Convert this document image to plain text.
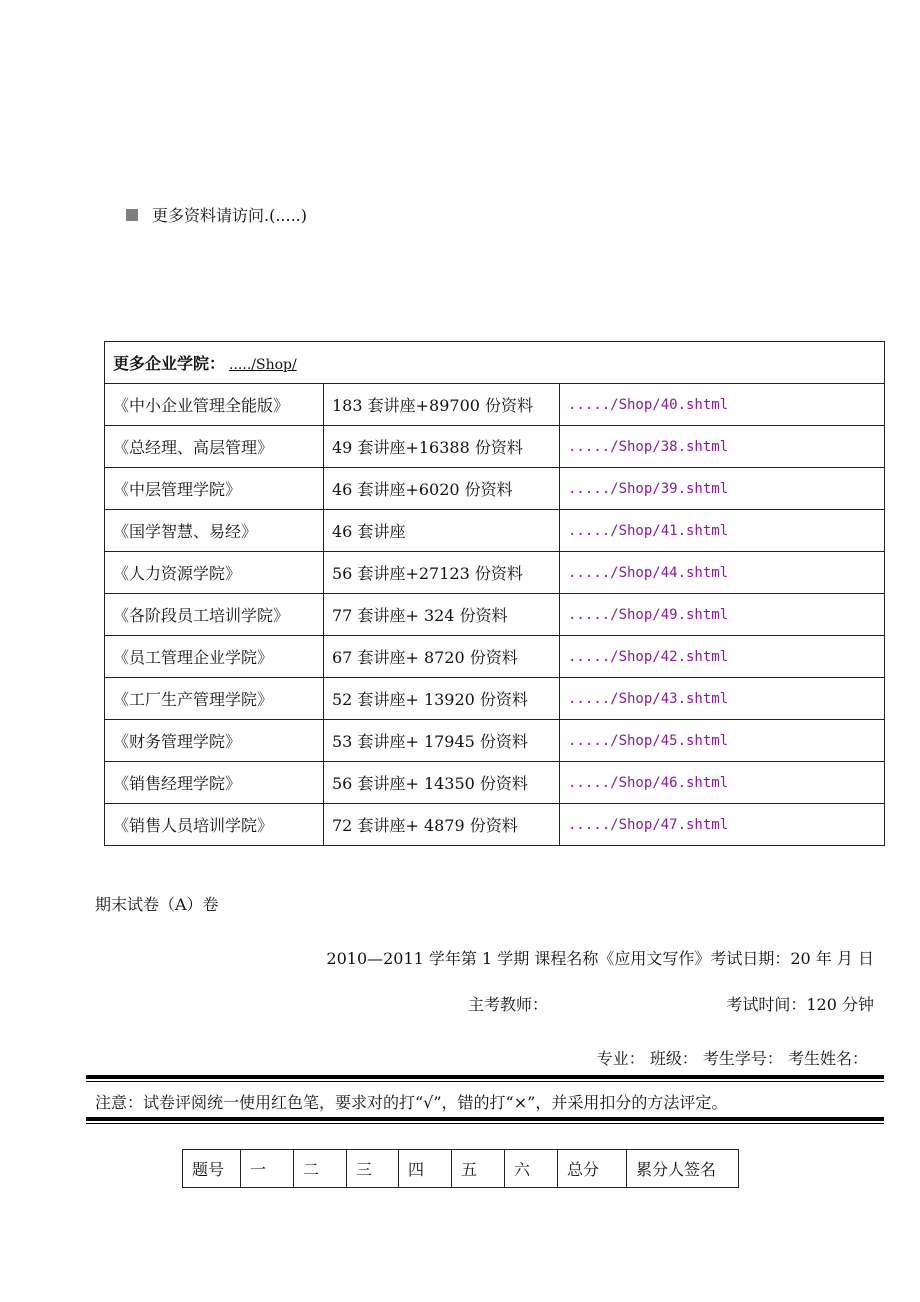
更多资料请访问.(.....)
更多企业学院： ...../Shop/		
《中小企业管理全能版》	183 套讲座+89700 份资料	...../Shop/40.shtml
《总经理、高层管理》	49 套讲座+16388 份资料	...../Shop/38.shtml
《中层管理学院》	46 套讲座+6020 份资料	...../Shop/39.shtml
《国学智慧、易经》	46 套讲座	...../Shop/41.shtml
《人力资源学院》	56 套讲座+27123 份资料	...../Shop/44.shtml
《各阶段员工培训学院》	77 套讲座+ 324 份资料	...../Shop/49.shtml
《员工管理企业学院》	67 套讲座+ 8720 份资料	...../Shop/42.shtml
《工厂生产管理学院》	52 套讲座+ 13920 份资料	...../Shop/43.shtml
《财务管理学院》	53 套讲座+ 17945 份资料	...../Shop/45.shtml
《销售经理学院》	56 套讲座+ 14350 份资料	...../Shop/46.shtml
《销售人员培训学院》	72 套讲座+ 4879 份资料	...../Shop/47.shtml
期末试卷（A）卷
2010—2011 学年第 1 学期 课程名称《应用文写作》考试日期：20 年 月 日
主考教师：	考试时间：120 分钟
专业： 班级： 考生学号： 考生姓名：
注意：试卷评阅统一使用红色笔，要求对的打“√”，错的打“×”，并采用扣分的方法评定。
题号	一	二	三	四	五	六	总分	累分人签名
